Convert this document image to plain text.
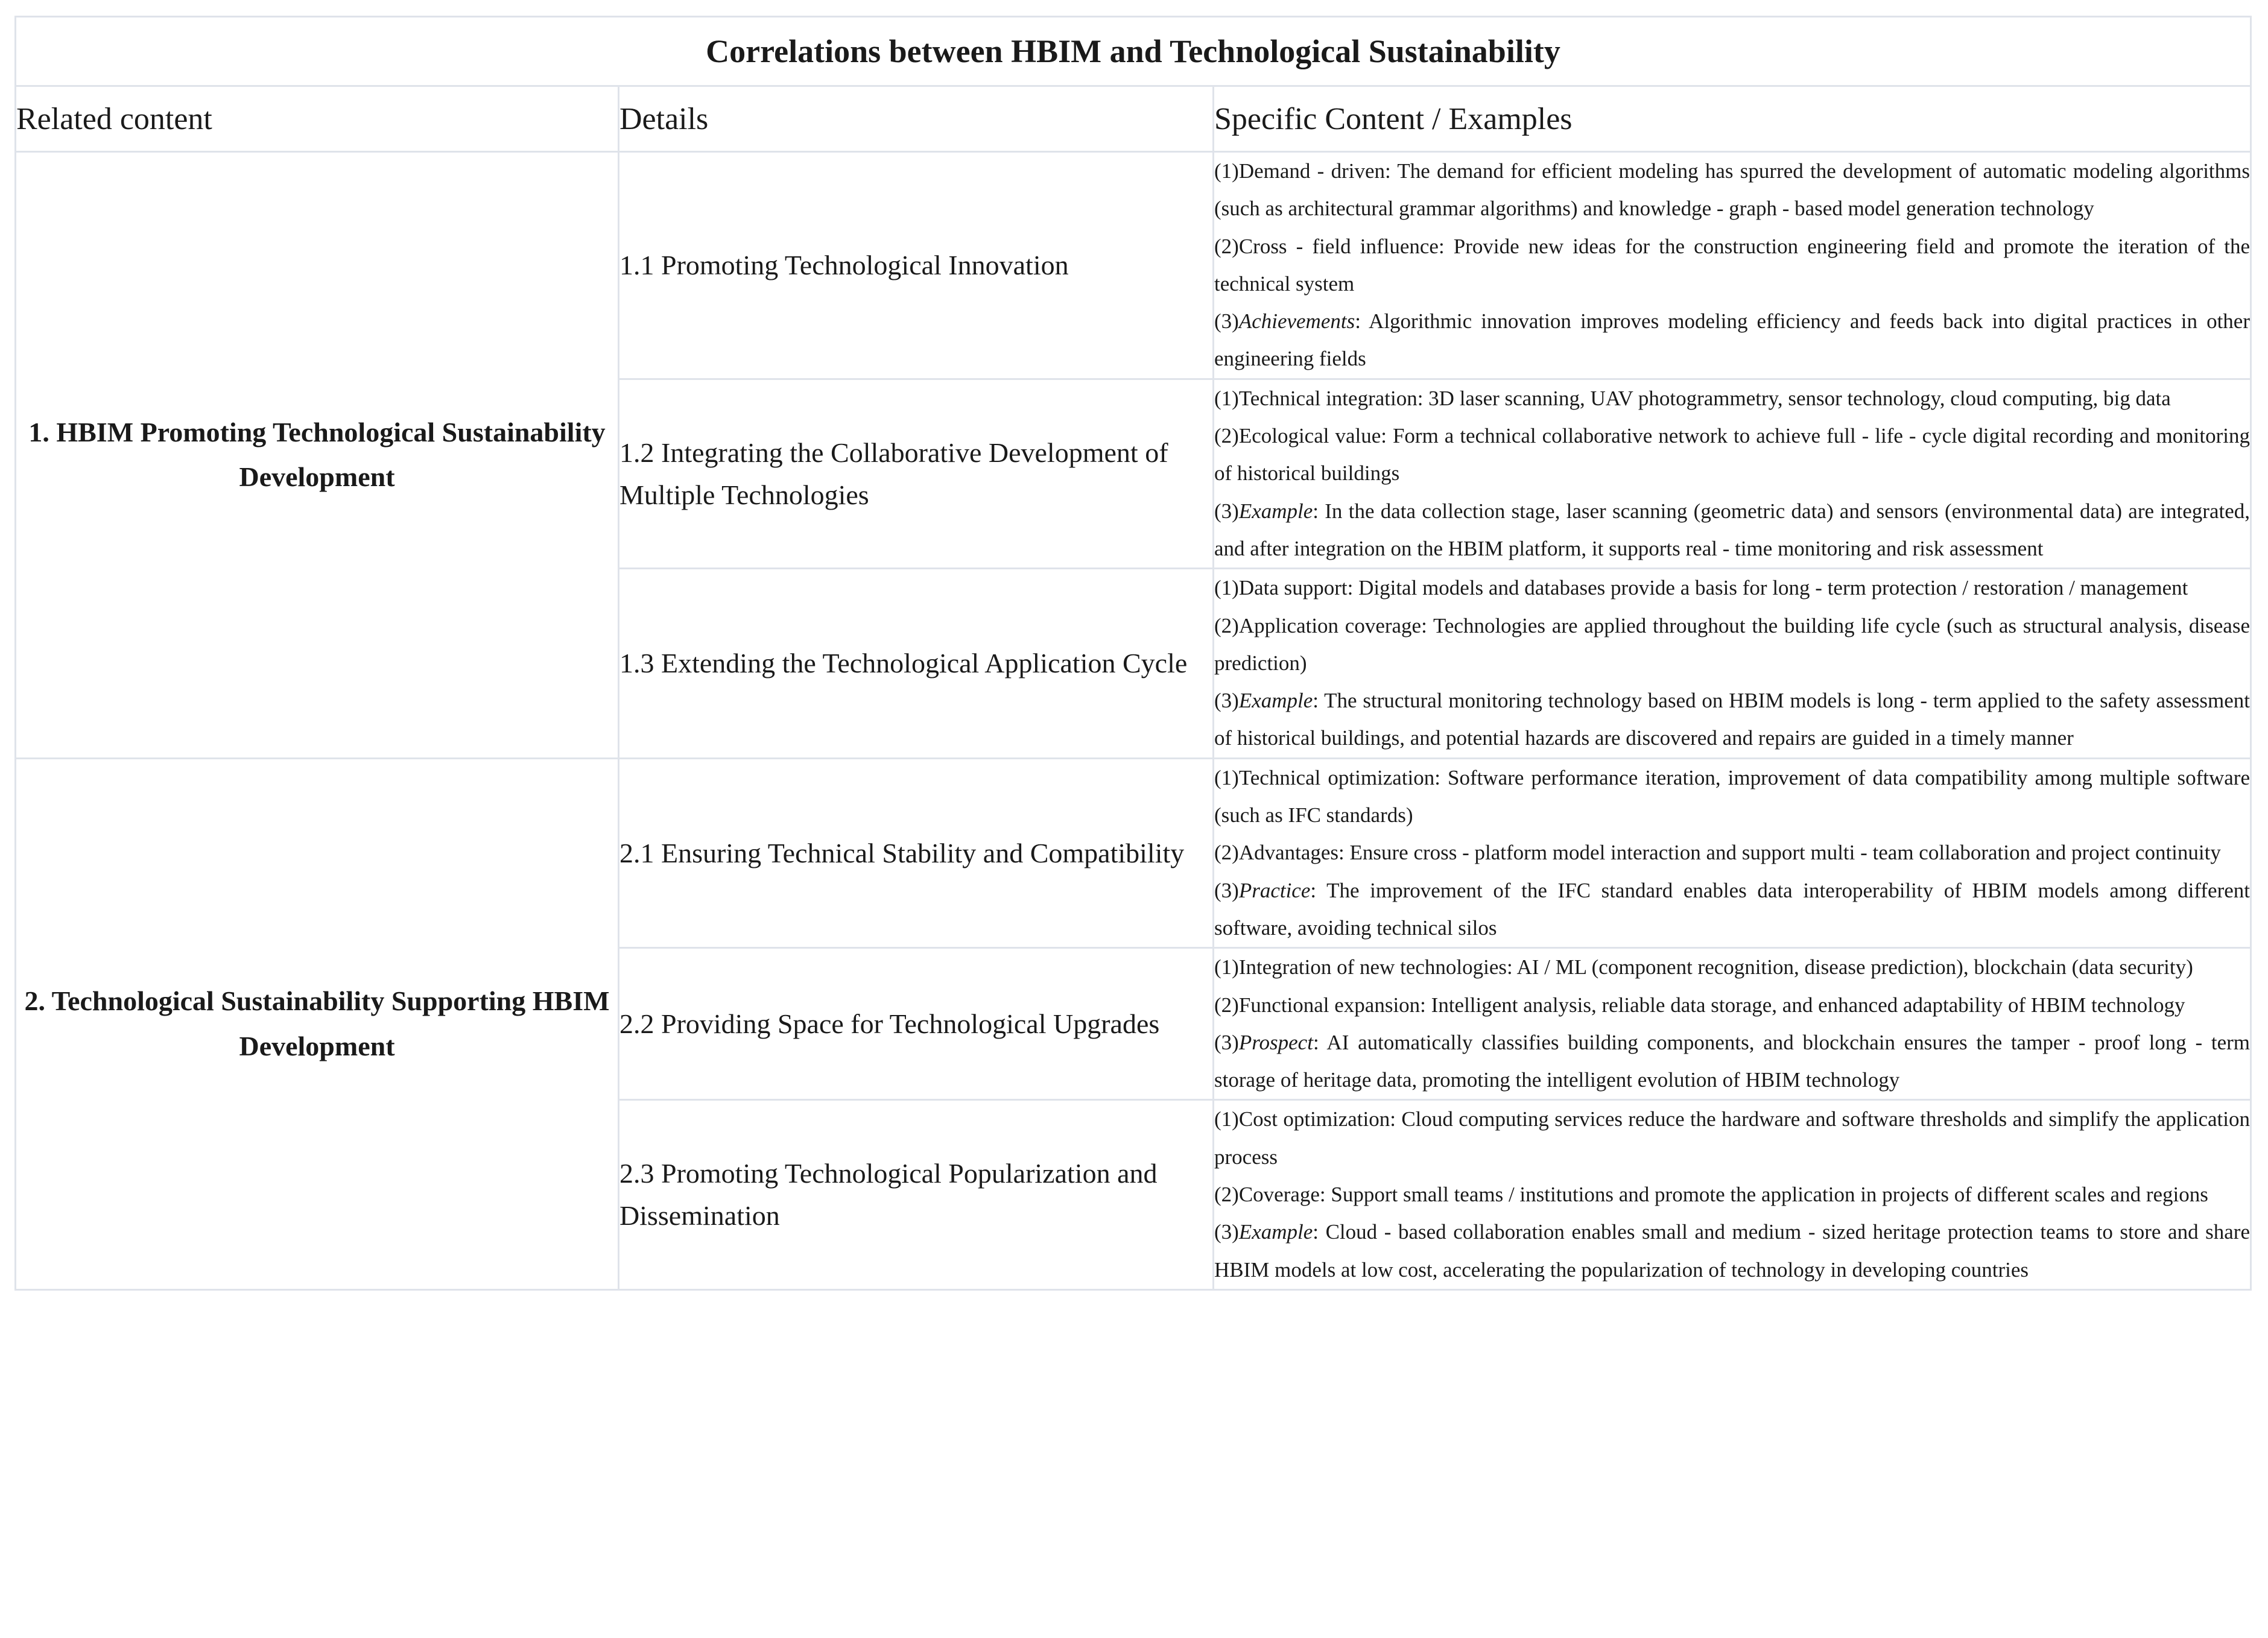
Correlations between HBIM and Technological Sustainability		
Related content	Details	Specific Content / Examples
1. HBIM Promoting Technological Sustainability Development	1.1 Promoting Technological Innovation	(1)Demand - driven: The demand for efficient modeling has spurred the development of automatic modeling algorithms (such as architectural grammar algorithms) and knowledge - graph - based model generation technology

(2)Cross - field influence: Provide new ideas for the construction engineering field and promote the iteration of the technical system

(3)Achievements: Algorithmic innovation improves modeling efficiency and feeds back into digital practices in other engineering fields

	1.2 Integrating the Collaborative Development of Multiple Technologies	(1)Technical integration: 3D laser scanning, UAV photogrammetry, sensor technology, cloud computing, big data

(2)Ecological value: Form a technical collaborative network to achieve full - life - cycle digital recording and monitoring of historical buildings

(3)Example: In the data collection stage, laser scanning (geometric data) and sensors (environmental data) are integrated, and after integration on the HBIM platform, it supports real - time monitoring and risk assessment

	1.3 Extending the Technological Application Cycle	(1)Data support: Digital models and databases provide a basis for long - term protection / restoration / management

(2)Application coverage: Technologies are applied throughout the building life cycle (such as structural analysis, disease prediction)

(3)Example: The structural monitoring technology based on HBIM models is long - term applied to the safety assessment of historical buildings, and potential hazards are discovered and repairs are guided in a timely manner

2. Technological Sustainability Supporting HBIM Development	2.1 Ensuring Technical Stability and Compatibility	(1)Technical optimization: Software performance iteration, improvement of data compatibility among multiple software (such as IFC standards)

(2)Advantages: Ensure cross - platform model interaction and support multi - team collaboration and project continuity

(3)Practice: The improvement of the IFC standard enables data interoperability of HBIM models among different software, avoiding technical silos

	2.2 Providing Space for Technological Upgrades	(1)Integration of new technologies: AI / ML (component recognition, disease prediction), blockchain (data security)

(2)Functional expansion: Intelligent analysis, reliable data storage, and enhanced adaptability of HBIM technology

(3)Prospect: AI automatically classifies building components, and blockchain ensures the tamper - proof long - term storage of heritage data, promoting the intelligent evolution of HBIM technology

	2.3 Promoting Technological Popularization and Dissemination	(1)Cost optimization: Cloud computing services reduce the hardware and software thresholds and simplify the application process

(2)Coverage: Support small teams / institutions and promote the application in projects of different scales and regions

(3)Example: Cloud - based collaboration enables small and medium - sized heritage protection teams to store and share HBIM models at low cost, accelerating the popularization of technology in developing countries
